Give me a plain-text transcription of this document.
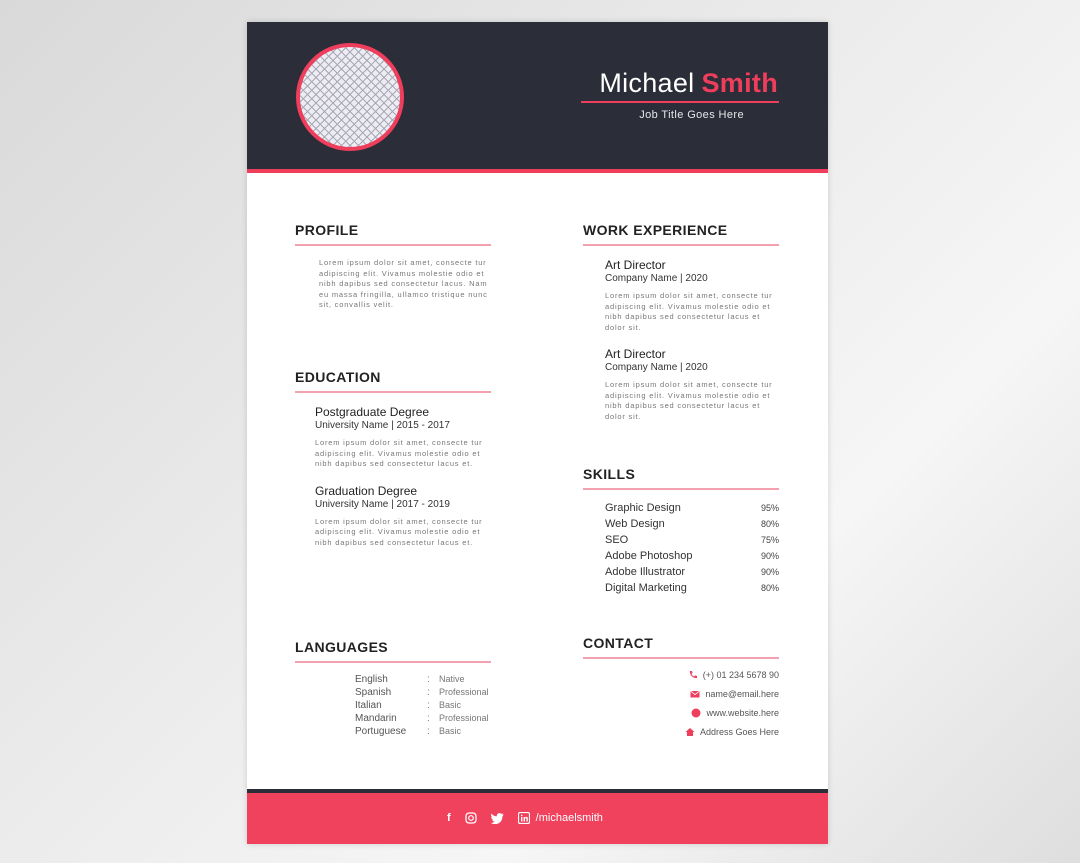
Michael Smith
Job Title Goes Here
PROFILE
Lorem ipsum dolor sit amet, consecte tur adipiscing elit. Vivamus molestie odio et nibh dapibus sed consectetur lacus. Nam eu massa fringilla, ullamco tristique nunc sit, convallis velit.
EDUCATION
Postgraduate Degree
University Name | 2015 - 2017
Lorem ipsum dolor sit amet, consecte tur adipiscing elit. Vivamus molestie odio et nibh dapibus sed consectetur lacus et.
Graduation Degree
University Name | 2017 - 2019
Lorem ipsum dolor sit amet, consecte tur adipiscing elit. Vivamus molestie odio et nibh dapibus sed consectetur lacus et.
LANGUAGES
English	:	Native
Spanish	:	Professional
Italian	:	Basic
Mandarin	:	Professional
Portuguese	:	Basic
WORK EXPERIENCE
Art Director
Company Name | 2020
Lorem ipsum dolor sit amet, consecte tur adipiscing elit. Vivamus molestie odio et nibh dapibus sed consectetur lacus et dolor sit.
Art Director
Company Name | 2020
Lorem ipsum dolor sit amet, consecte tur adipiscing elit. Vivamus molestie odio et nibh dapibus sed consectetur lacus et dolor sit.
SKILLS
Graphic Design	95%
Web Design	80%
SEO	75%
Adobe Photoshop	90%
Adobe Illustrator	90%
Digital Marketing	80%
CONTACT
(+) 01 234 5678 90
name@email.here
www.website.here
Address Goes Here
f	/michaelsmith
